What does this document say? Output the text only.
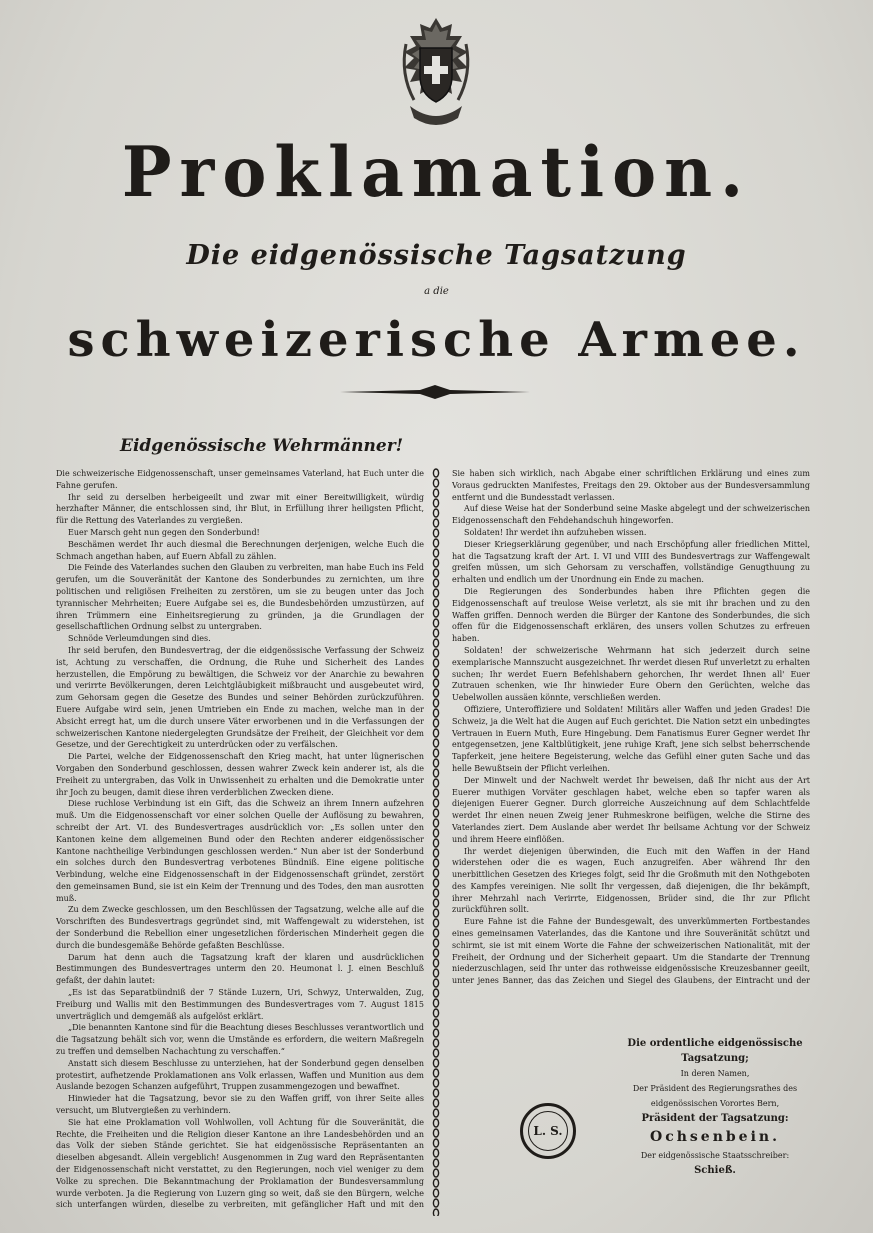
Proklamation.
Die eidgenössische Tagsatzung
a die
schweizerische Armee.
Eidgenössische Wehrmänner!

Die schweizerische Eidgenossenschaft, unser gemeinsames Vaterland, hat Euch unter die Fahne gerufen.

Ihr seid zu derselben herbeigeeilt und zwar mit einer Bereitwilligkeit, würdig herzhafter Männer, die entschlossen sind, ihr Blut, in Erfüllung ihrer heiligsten Pflicht, für die Rettung des Vaterlandes zu vergießen.

Euer Marsch geht nun gegen den Sonderbund!

Beschämen werdet Ihr auch diesmal die Berechnungen derjenigen, welche Euch die Schmach angethan haben, auf Euern Abfall zu zählen.

Die Feinde des Vaterlandes suchen den Glauben zu verbreiten, man habe Euch ins Feld gerufen, um die Souveränität der Kantone des Sonderbundes zu zernichten, um ihre politischen und religiösen Freiheiten zu zerstören, um sie zu beugen unter das Joch tyrannischer Mehrheiten; Euere Aufgabe sei es, die Bundesbehörden umzustürzen, auf ihren Trümmern eine Einheitsregierung zu gründen, ja die Grundlagen der gesellschaftlichen Ordnung selbst zu untergraben.

Schnöde Verleumdungen sind dies.

Ihr seid berufen, den Bundesvertrag, der die eidgenössische Verfassung der Schweiz ist, Achtung zu verschaffen, die Ordnung, die Ruhe und Sicherheit des Landes herzustellen, die Empörung zu bewältigen, die Schweiz vor der Anarchie zu bewahren und verirrte Bevölkerungen, deren Leichtgläubigkeit mißbraucht und ausgebeutet wird, zum Gehorsam gegen die Gesetze des Bundes und seiner Behörden zurückzuführen. Euere Aufgabe wird sein, jenen Umtrieben ein Ende zu machen, welche man in der Absicht erregt hat, um die durch unsere Väter erworbenen und in die Verfassungen der schweizerischen Kantone niedergelegten Grundsätze der Freiheit, der Gleichheit vor dem Gesetze, und der Gerechtigkeit zu unterdrücken oder zu verfälschen.

Die Partei, welche der Eidgenossenschaft den Krieg macht, hat unter lügnerischen Vorgaben den Sonderbund geschlossen, dessen wahrer Zweck kein anderer ist, als die Freiheit zu untergraben, das Volk in Unwissenheit zu erhalten und die Demokratie unter ihr Joch zu beugen, damit diese ihren verderblichen Zwecken diene.

Diese ruchlose Verbindung ist ein Gift, das die Schweiz an ihrem Innern aufzehren muß. Um die Eidgenossenschaft vor einer solchen Quelle der Auflösung zu bewahren, schreibt der Art. VI. des Bundesvertrages ausdrücklich vor: „Es sollen unter den Kantonen keine dem allgemeinen Bund oder den Rechten anderer eidgenössischer Kantone nachtheilige Verbindungen geschlossen werden.“ Nun aber ist der Sonderbund ein solches durch den Bundesvertrag verbotenes Bündniß. Eine eigene politische Verbindung, welche eine Eidgenossenschaft in der Eidgenossenschaft gründet, zerstört den gemeinsamen Bund, sie ist ein Keim der Trennung und des Todes, den man ausrotten muß.

Zu dem Zwecke geschlossen, um den Beschlüssen der Tagsatzung, welche alle auf die Vorschriften des Bundesvertrags gegründet sind, mit Waffengewalt zu widerstehen, ist der Sonderbund die Rebellion einer ungesetzlichen förderischen Minderheit gegen die durch die bundesgemäße Behörde gefaßten Beschlüsse.

Darum hat denn auch die Tagsatzung kraft der klaren und ausdrücklichen Bestimmungen des Bundesvertrages unterm den 20. Heumonat l. J. einen Beschluß gefaßt, der dahin lautet:

„Es ist das Separatbündniß der 7 Stände Luzern, Uri, Schwyz, Unterwalden, Zug, Freiburg und Wallis mit den Bestimmungen des Bundesvertrages vom 7. August 1815 unverträglich und demgemäß als aufgelöst erklärt.

„Die benannten Kantone sind für die Beachtung dieses Beschlusses verantwortlich und die Tagsatzung behält sich vor, wenn die Umstände es erfordern, die weitern Maßregeln zu treffen und demselben Nachachtung zu verschaffen.“

Anstatt sich diesem Beschlusse zu unterziehen, hat der Sonderbund gegen denselben protestirt, aufhetzende Proklamationen ans Volk erlassen, Waffen und Munition aus dem Auslande bezogen Schanzen aufgeführt, Truppen zusammengezogen und bewaffnet.

Hinwieder hat die Tagsatzung, bevor sie zu den Waffen griff, von ihrer Seite alles versucht, um Blutvergießen zu verhindern.

Sie hat eine Proklamation voll Wohlwollen, voll Achtung für die Souveränität, die Rechte, die Freiheiten und die Religion dieser Kantone an ihre Landesbehörden und an das Volk der sieben Stände gerichtet. Sie hat eidgenössische Repräsentanten an dieselben abgesandt. Allein vergeblich! Ausgenommen in Zug ward den Repräsentanten der Eidgenossenschaft nicht verstattet, zu den Regierungen, noch viel weniger zu dem Volke zu sprechen. Die Bekanntmachung der Proklamation der Bundesversammlung wurde verboten. Ja die Regierung von Luzern ging so weit, daß sie den Bürgern, welche sich unterfangen würden, dieselbe zu verbreiten, mit gefänglicher Haft und mit den

Sie haben sich wirklich, nach Abgabe einer schriftlichen Erklärung und eines zum Voraus gedruckten Manifestes, Freitags den 29. Oktober aus der Bundesversammlung entfernt und die Bundesstadt verlassen.

Auf diese Weise hat der Sonderbund seine Maske abgelegt und der schweizerischen Eidgenossenschaft den Fehdehandschuh hingeworfen.

Soldaten! Ihr werdet ihn aufzuheben wissen.

Dieser Kriegserklärung gegenüber, und nach Erschöpfung aller friedlichen Mittel, hat die Tagsatzung kraft der Art. I. VI und VIII des Bundesvertrags zur Waffengewalt greifen müssen, um sich Gehorsam zu verschaffen, vollständige Genugthuung zu erhalten und endlich um der Unordnung ein Ende zu machen.

Die Regierungen des Sonderbundes haben ihre Pflichten gegen die Eidgenossenschaft auf treulose Weise verletzt, als sie mit ihr brachen und zu den Waffen griffen. Dennoch werden die Bürger der Kantone des Sonderbundes, die sich offen für die Eidgenossenschaft erklären, des unsers vollen Schutzes zu erfreuen haben.

Soldaten! der schweizerische Wehrmann hat sich jederzeit durch seine exemplarische Mannszucht ausgezeichnet. Ihr werdet diesen Ruf unverletzt zu erhalten suchen; Ihr werdet Euern Befehlshabern gehorchen, Ihr werdet Ihnen all' Euer Zutrauen schenken, wie Ihr hinwieder Eure Obern den Gerüchten, welche das Uebelwollen aussäen könnte, verschließen werden.

Offiziere, Unteroffiziere und Soldaten! Militärs aller Waffen und jeden Grades! Die Schweiz, ja die Welt hat die Augen auf Euch gerichtet. Die Nation setzt ein unbedingtes Vertrauen in Euern Muth, Eure Hingebung. Dem Fanatismus Eurer Gegner werdet Ihr entgegensetzen, jene Kaltblütigkeit, jene ruhige Kraft, jene sich selbst beherrschende Tapferkeit, jene heitere Begeisterung, welche das Gefühl einer guten Sache und das helle Bewußtsein der Pflicht verleihen.

Der Minwelt und der Nachwelt werdet Ihr beweisen, daß Ihr nicht aus der Art Euerer muthigen Vorväter geschlagen habet, welche eben so tapfer waren als diejenigen Euerer Gegner. Durch glorreiche Auszeichnung auf dem Schlachtfelde werdet Ihr einen neuen Zweig jener Ruhmeskrone beifügen, welche die Stirne des Vaterlandes ziert. Dem Auslande aber werdet Ihr beilsame Achtung vor der Schweiz und ihrem Heere einflößen.

Ihr werdet diejenigen überwinden, die Euch mit den Waffen in der Hand widerstehen oder die es wagen, Euch anzugreifen. Aber während Ihr den unerbittlichen Gesetzen des Krieges folgt, seid Ihr die Großmuth mit den Nothgeboten des Kampfes vereinigen. Nie sollt Ihr vergessen, daß diejenigen, die Ihr bekämpft, ihrer Mehrzahl nach Verirrte, Eidgenossen, Brüder sind, die Ihr zur Pflicht zurückführen sollt.

Eure Fahne ist die Fahne der Bundesgewalt, des unverkümmerten Fortbestandes eines gemeinsamen Vaterlandes, das die Kantone und ihre Souveränität schützt und schirmt, sie ist mit einem Worte die Fahne der schweizerischen Nationalität, mit der Freiheit, der Ordnung und der Sicherheit gepaart. Um die Standarte der Trennung niederzuschlagen, seid Ihr unter das rothweisse eidgenössische Kreuzesbanner geeilt, unter jenes Banner, das das Zeichen und Siegel des Glaubens, der Eintracht und der

L. S.
Die ordentliche eidgenössische Tagsatzung;
In deren Namen,
Der Präsident des Regierungsrathes des
eidgenössischen Vorortes Bern,
Präsident der Tagsatzung:
Ochsenbein.
Der eidgenössische Staatsschreiber:
Schieß.
